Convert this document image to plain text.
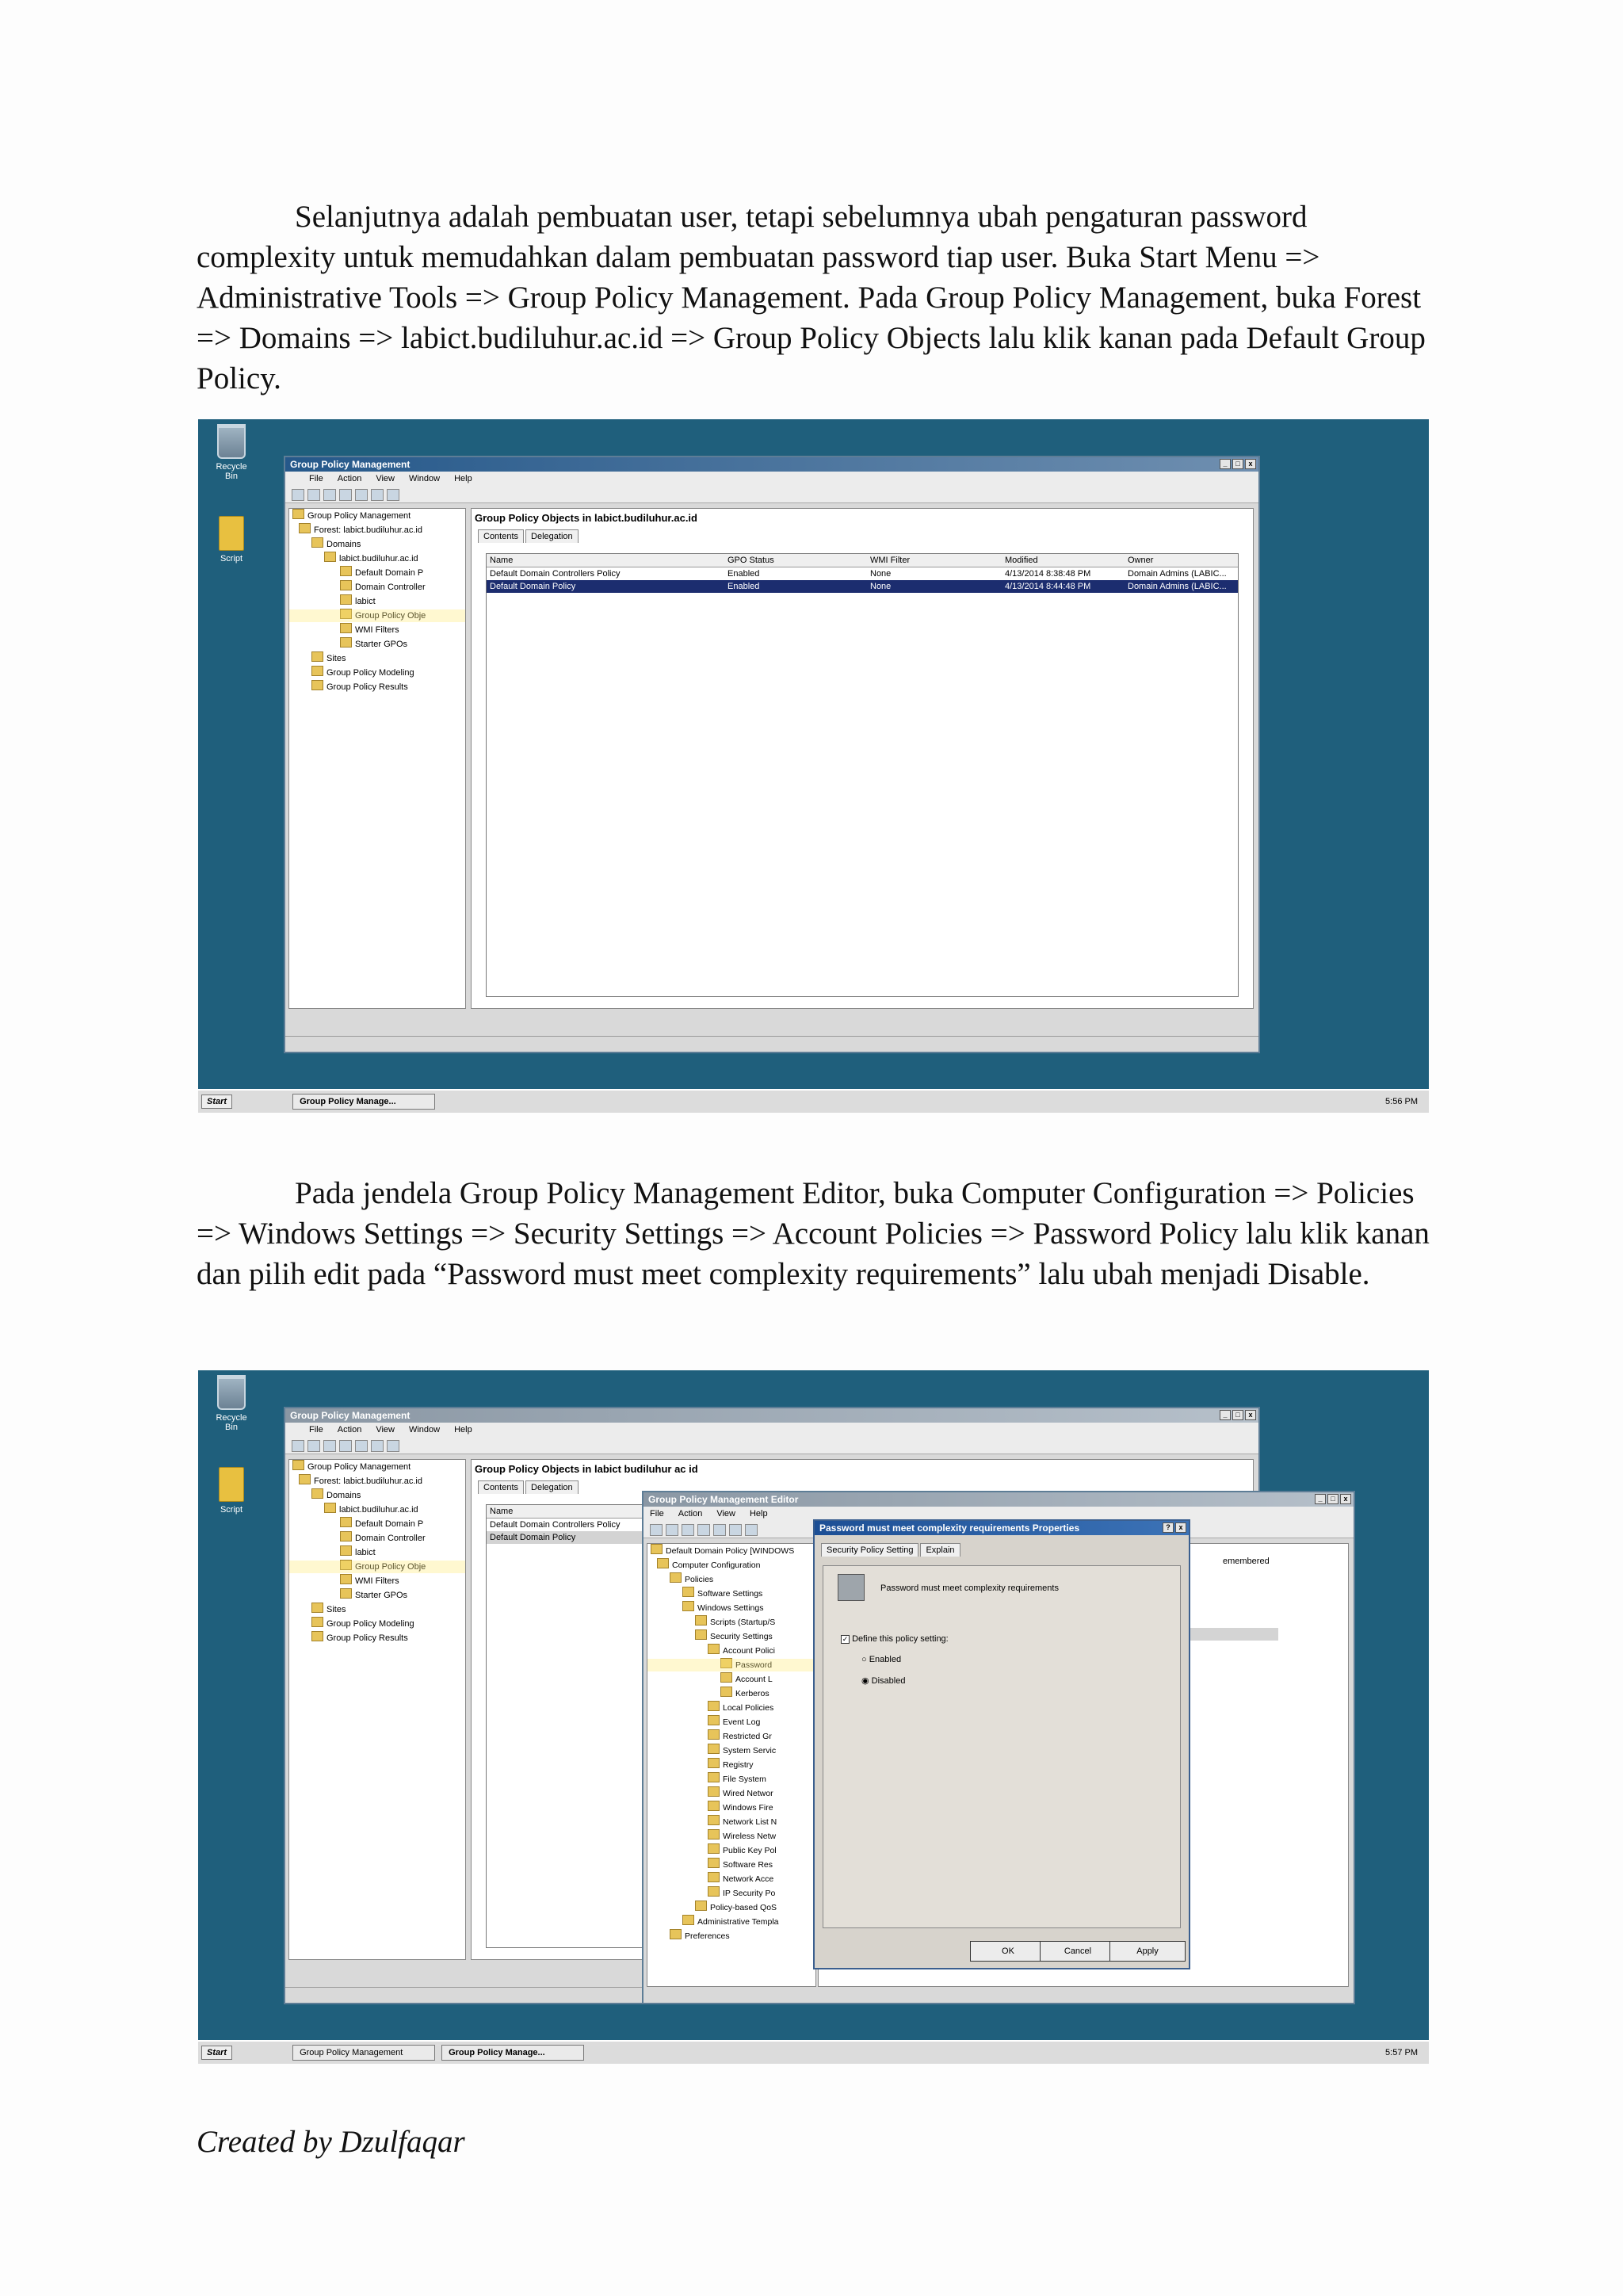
Selanjutnya adalah pembuatan user, tetapi sebelumnya ubah pengaturan password complexity untuk memudahkan dalam pembuatan password tiap user. Buka Start Menu => Administrative Tools => Group Policy Management. Pada Group Policy Management, buka Forest => Domains => labict.budiluhur.ac.id => Group Policy Objects lalu klik kanan pada Default Group Policy.

Recycle Bin
Script
Group Policy Management	_	□	x
File Action View Window Help
Group Policy Management
Forest: labict.budiluhur.ac.id
Domains
labict.budiluhur.ac.id
Default Domain P
Domain Controller
labict
Group Policy Obje
WMI Filters
Starter GPOs
Sites
Group Policy Modeling
Group Policy Results
Group Policy Objects in labict.budiluhur.ac.id
Contents	Delegation
Name	GPO Status	WMI Filter	Modified	Owner
Default Domain Controllers Policy	Enabled	None	4/13/2014 8:38:48 PM	Domain Admins (LABIC...
Default Domain Policy	Enabled	None	4/13/2014 8:44:48 PM	Domain Admins (LABIC...
Start	Group Policy Manage...	5:56 PM

Pada jendela Group Policy Management Editor, buka Computer Configuration => Policies => Windows Settings => Security Settings => Account Policies => Password Policy lalu klik kanan dan pilih edit pada “Password must meet complexity requirements” lalu ubah menjadi Disable.

Recycle Bin
Script
Group Policy Management	_	□	x
File Action View Window Help
Group Policy Management
Forest: labict.budiluhur.ac.id
Domains
labict.budiluhur.ac.id
Default Domain P
Domain Controller
labict
Group Policy Obje
WMI Filters
Starter GPOs
Sites
Group Policy Modeling
Group Policy Results
Group Policy Objects in labict budiluhur ac id
Contents	Delegation
Name
Default Domain Controllers Policy
Default Domain Policy
Group Policy Management Editor	_	□	x
File Action View Help
Default Domain Policy [WINDOWS
Computer Configuration
Policies
Software Settings
Windows Settings
Scripts (Startup/S
Security Settings
Account Polici
Password
Account L
Kerberos
Local Policies
Event Log
Restricted Gr
System Servic
Registry
File System
Wired Networ
Windows Fire
Network List N
Wireless Netw
Public Key Pol
Software Res
Network Acce
IP Security Po
Policy-based QoS
Administrative Templa
Preferences
emembered
Password must meet complexity requirements Properties	?	x
Security Policy Setting	Explain
Password must meet complexity requirements
✓ Define this policy setting:
○ Enabled
◉ Disabled
OK	Cancel	Apply
Start	Group Policy Management	Group Policy Manage...	5:57 PM

Created by Dzulfaqar
